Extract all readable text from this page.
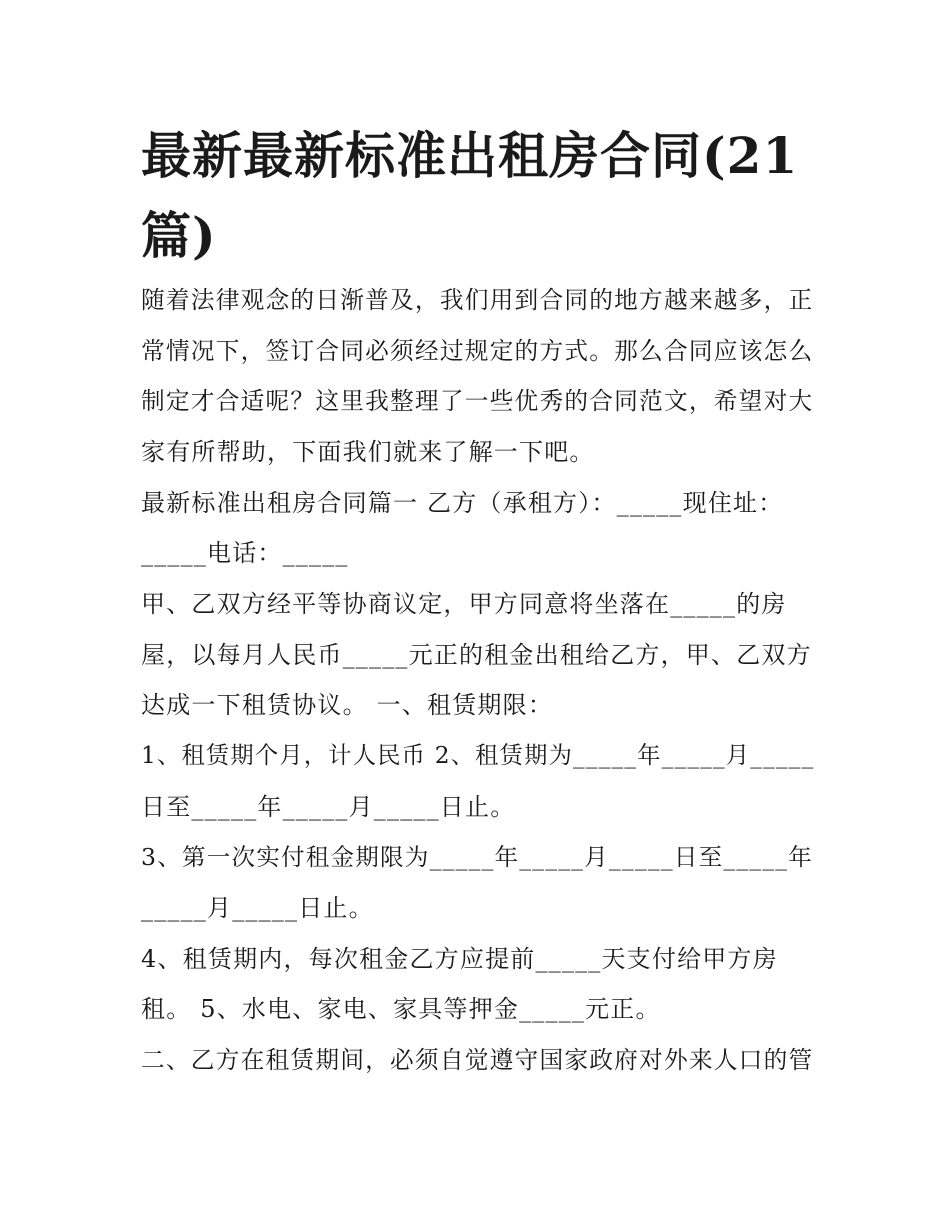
最新最新标准出租房合同(21
篇)
随着法律观念的日渐普及，我们用到合同的地方越来越多，正
常情况下，签订合同必须经过规定的方式。那么合同应该怎么
制定才合适呢？这里我整理了一些优秀的合同范文，希望对大
家有所帮助，下面我们就来了解一下吧。
最新标准出租房合同篇一 乙方（承租方）：_____现住址：
_____电话：_____
甲、乙双方经平等协商议定，甲方同意将坐落在_____的房
屋，以每月人民币_____元正的租金出租给乙方，甲、乙双方
达成一下租赁协议。 一、租赁期限：
1、租赁期个月，计人民币 2、租赁期为_____年_____月_____
日至_____年_____月_____日止。
3、第一次实付租金期限为_____年_____月_____日至_____年
_____月_____日止。
4、租赁期内，每次租金乙方应提前_____天支付给甲方房
租。 5、水电、家电、家具等押金_____元正。
二、乙方在租赁期间，必须自觉遵守国家政府对外来人口的管
